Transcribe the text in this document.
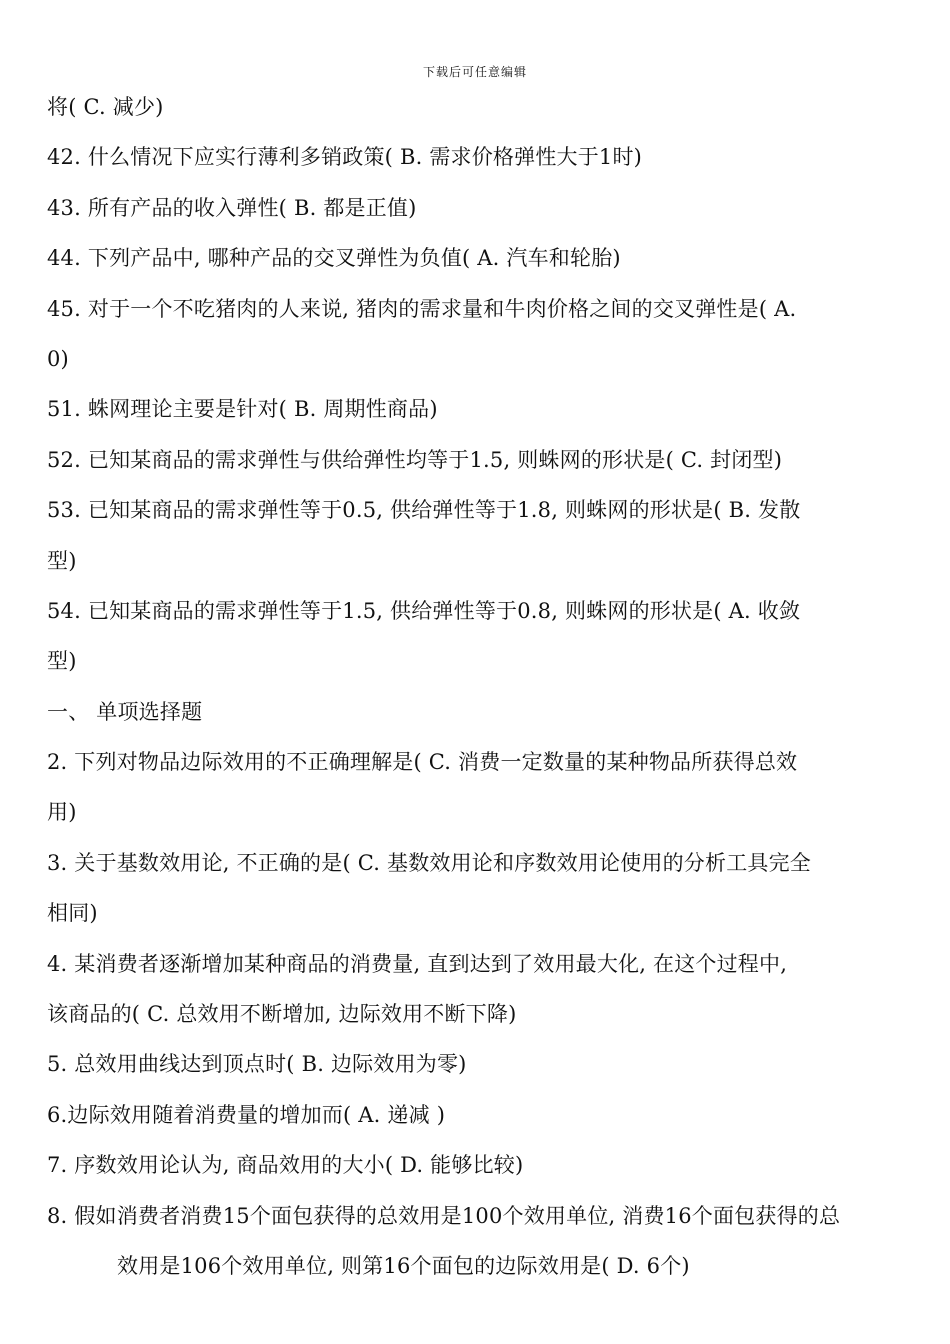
下载后可任意编辑
将( C. 减少)
42. 什么情况下应实行薄利多销政策( B. 需求价格弹性大于1时)
43. 所有产品的收入弹性( B. 都是正值)
44. 下列产品中, 哪种产品的交叉弹性为负值( A. 汽车和轮胎)
45. 对于一个不吃猪肉的人来说, 猪肉的需求量和牛肉价格之间的交叉弹性是( A.
0)
51. 蛛网理论主要是针对( B. 周期性商品)
52. 已知某商品的需求弹性与供给弹性均等于1.5, 则蛛网的形状是( C. 封闭型)
53. 已知某商品的需求弹性等于0.5, 供给弹性等于1.8, 则蛛网的形状是( B. 发散
型)
54. 已知某商品的需求弹性等于1.5, 供给弹性等于0.8, 则蛛网的形状是( A. 收敛
型)
一、 单项选择题
2. 下列对物品边际效用的不正确理解是( C. 消费一定数量的某种物品所获得总效
用)
3. 关于基数效用论, 不正确的是( C. 基数效用论和序数效用论使用的分析工具完全
相同)
4. 某消费者逐渐增加某种商品的消费量, 直到达到了效用最大化, 在这个过程中,
该商品的( C. 总效用不断增加, 边际效用不断下降)
5. 总效用曲线达到顶点时( B. 边际效用为零)
6.边际效用随着消费量的增加而( A. 递减 )
7. 序数效用论认为, 商品效用的大小( D. 能够比较)
8. 假如消费者消费15个面包获得的总效用是100个效用单位, 消费16个面包获得的总
效用是106个效用单位, 则第16个面包的边际效用是( D. 6个)
